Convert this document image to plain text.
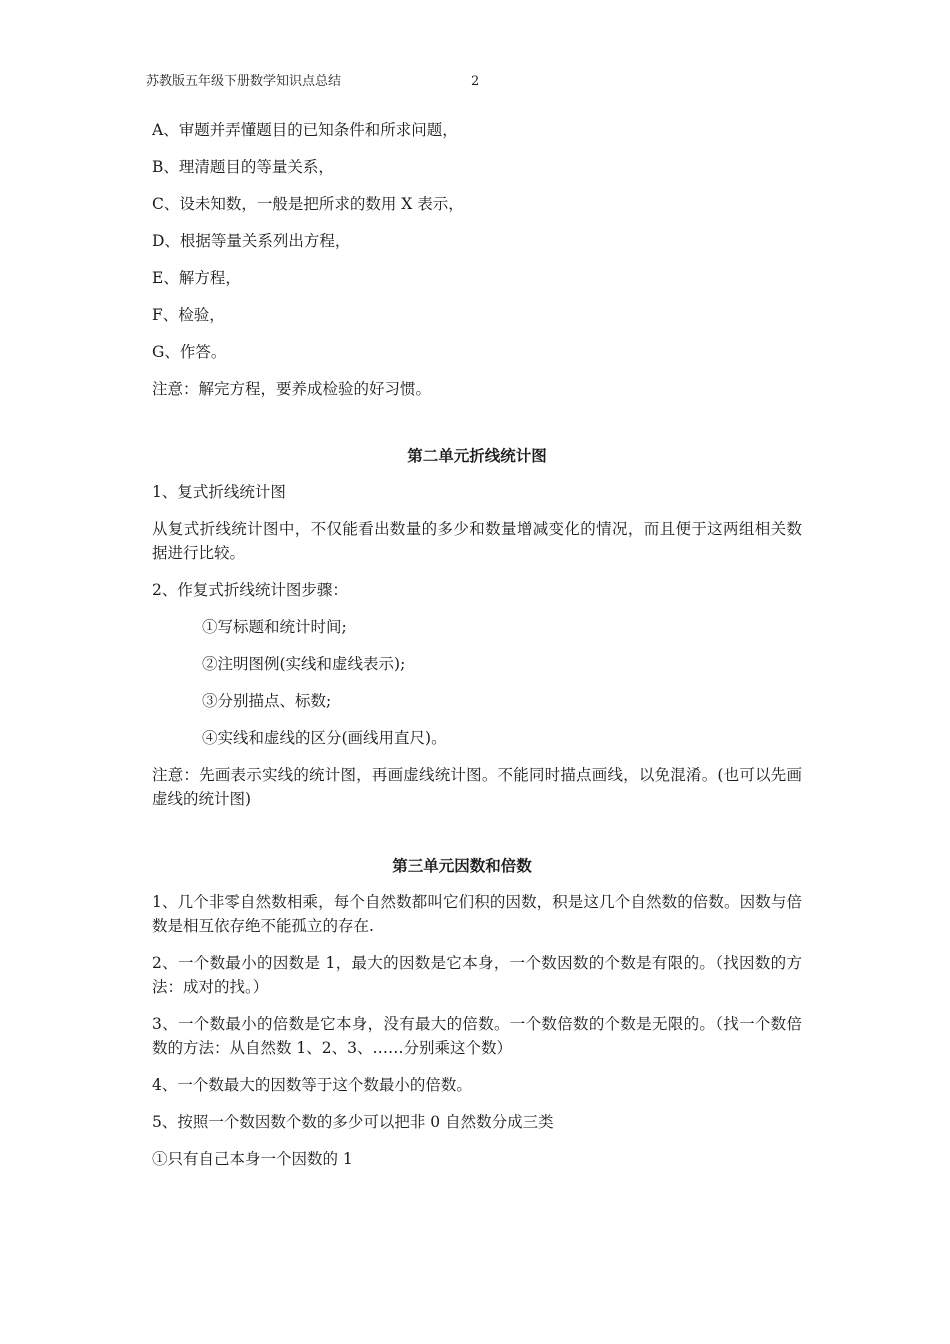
苏教版五年级下册数学知识点总结	2

A、审题并弄懂题目的已知条件和所求问题，

B、理清题目的等量关系，

C、设未知数，一般是把所求的数用 X 表示，

D、根据等量关系列出方程，

E、解方程，

F、检验，

G、作答。

注意：解完方程，要养成检验的好习惯。

第二单元折线统计图

1、复式折线统计图

从复式折线统计图中，不仅能看出数量的多少和数量增减变化的情况，而且便于这两组相关数据进行比较。

2、作复式折线统计图步骤：

①写标题和统计时间;
②注明图例(实线和虚线表示);
③分别描点、标数;
④实线和虚线的区分(画线用直尺)。

注意：先画表示实线的统计图，再画虚线统计图。不能同时描点画线，以免混淆。(也可以先画虚线的统计图)

第三单元因数和倍数

1、几个非零自然数相乘，每个自然数都叫它们积的因数，积是这几个自然数的倍数。因数与倍数是相互依存绝不能孤立的存在.

2、一个数最小的因数是 1，最大的因数是它本身，一个数因数的个数是有限的。（找因数的方法：成对的找。）

3、一个数最小的倍数是它本身，没有最大的倍数。一个数倍数的个数是无限的。（找一个数倍数的方法：从自然数 1、2、3、……分别乘这个数）

4、一个数最大的因数等于这个数最小的倍数。

5、按照一个数因数个数的多少可以把非 0 自然数分成三类

①只有自己本身一个因数的 1
